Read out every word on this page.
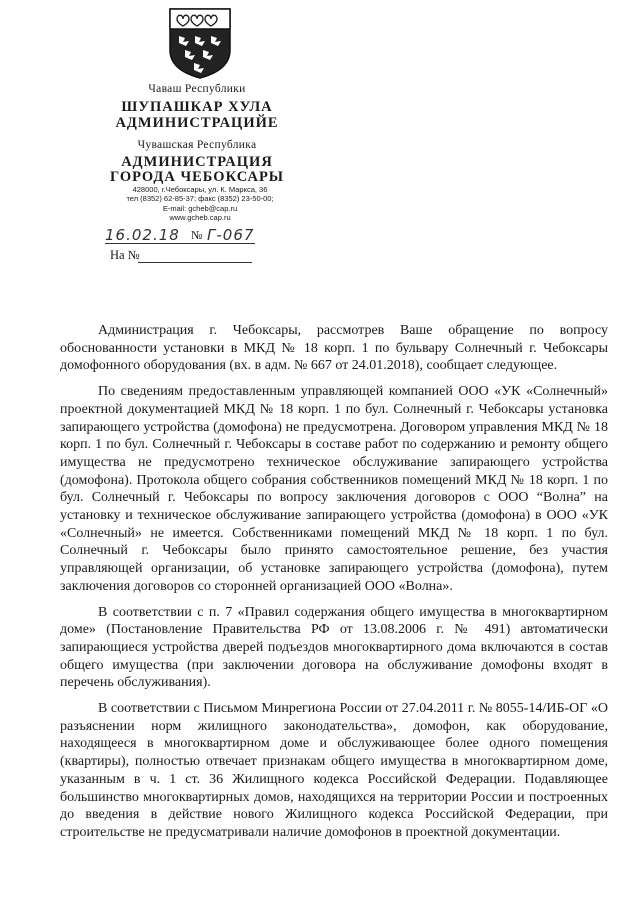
Чаваш Республики
ШУПАШКАР ХУЛА
АДМИНИСТРАЦИЙЕ
Чувашская Республика
АДМИНИСТРАЦИЯ
ГОРОДА ЧЕБОКСАРЫ
428000, г.Чебоксары, ул. К. Маркса, 36
тел (8352) 62-85-37; факс (8352) 23-50-00;
E-mail: gcheb@cap.ru
www.gcheb.cap.ru
16.02.18 № Г-067
На №

Администрация г. Чебоксары, рассмотрев Ваше обращение по вопросу обоснованности установки в МКД № 18 корп. 1 по бульвару Солнечный г. Чебоксары домофонного оборудования (вх. в адм. № 667 от 24.01.2018), сообщает следующее.

По сведениям предоставленным управляющей компанией ООО «УК «Солнечный» проектной документацией МКД № 18 корп. 1 по бул. Солнечный г. Чебоксары установка запирающего устройства (домофона) не предусмотрена. Договором управления МКД № 18 корп. 1 по бул. Солнечный г. Чебоксары в составе работ по содержанию и ремонту общего имущества не предусмотрено техническое обслуживание запирающего устройства (домофона). Протокола общего собрания собственников помещений МКД № 18 корп. 1 по бул. Солнечный г. Чебоксары по вопросу заключения договоров с ООО “Волна” на установку и техническое обслуживание запирающего устройства (домофона) в ООО «УК «Солнечный» не имеется. Собственниками помещений МКД № 18 корп. 1 по бул. Солнечный г. Чебоксары было принято самостоятельное решение, без участия управляющей организации, об установке запирающего устройства (домофона), путем заключения договоров со сторонней организацией ООО «Волна».

В соответствии с п. 7 «Правил содержания общего имущества в многоквартирном доме» (Постановление Правительства РФ от 13.08.2006 г. № 491) автоматически запирающиеся устройства дверей подъездов многоквартирного дома включаются в состав общего имущества (при заключении договора на обслуживание домофоны входят в перечень обслуживания).

В соответствии с Письмом Минрегиона России от 27.04.2011 г. № 8055-14/ИБ-ОГ «О разъяснении норм жилищного законодательства», домофон, как оборудование, находящееся в многоквартирном доме и обслуживающее более одного помещения (квартиры), полностью отвечает признакам общего имущества в многоквартирном доме, указанным в ч. 1 ст. 36 Жилищного кодекса Российской Федерации. Подавляющее большинство многоквартирных домов, находящихся на территории России и построенных до введения в действие нового Жилищного кодекса Российской Федерации, при строительстве не предусматривали наличие домофонов в проектной документации.
